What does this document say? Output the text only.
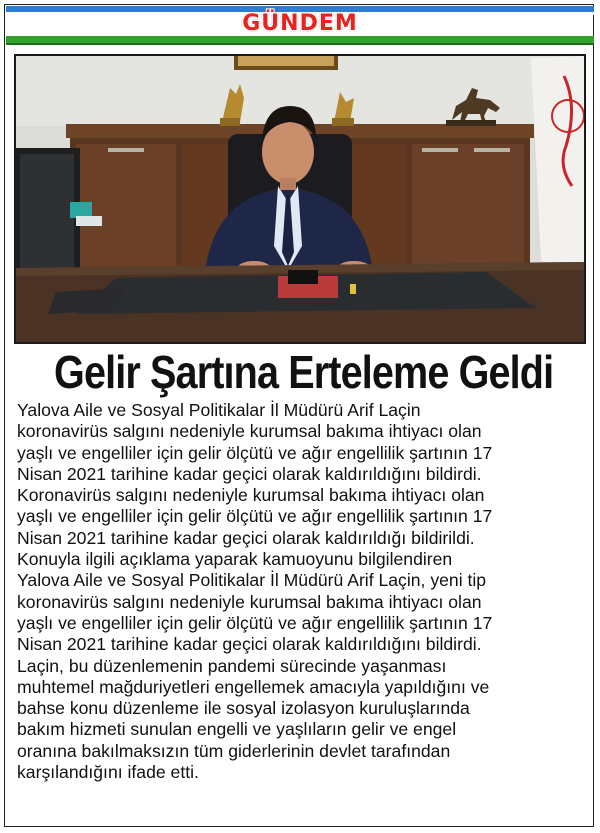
GÜNDEM
Gelir Şartına Erteleme Geldi

Yalova Aile ve Sosyal Politikalar İl Müdürü Arif Laçin
koronavirüs salgını nedeniyle kurumsal bakıma ihtiyacı olan
yaşlı ve engelliler için gelir ölçütü ve ağır engellilik şartının 17
Nisan 2021 tarihine kadar geçici olarak kaldırıldığını bildirdi.
Koronavirüs salgını nedeniyle kurumsal bakıma ihtiyacı olan
yaşlı ve engelliler için gelir ölçütü ve ağır engellilik şartının 17
Nisan 2021 tarihine kadar geçici olarak kaldırıldığı bildirildi.
Konuyla ilgili açıklama yaparak kamuoyunu bilgilendiren
Yalova Aile ve Sosyal Politikalar İl Müdürü Arif Laçin, yeni tip
koronavirüs salgını nedeniyle kurumsal bakıma ihtiyacı olan
yaşlı ve engelliler için gelir ölçütü ve ağır engellilik şartının 17
Nisan 2021 tarihine kadar geçici olarak kaldırıldığını bildirdi.
Laçin, bu düzenlemenin pandemi sürecinde yaşanması
muhtemel mağduriyetleri engellemek amacıyla yapıldığını ve
bahse konu düzenleme ile sosyal izolasyon kuruluşlarında
bakım hizmeti sunulan engelli ve yaşlıların gelir ve engel
oranına bakılmaksızın tüm giderlerinin devlet tarafından
karşılandığını ifade etti.
